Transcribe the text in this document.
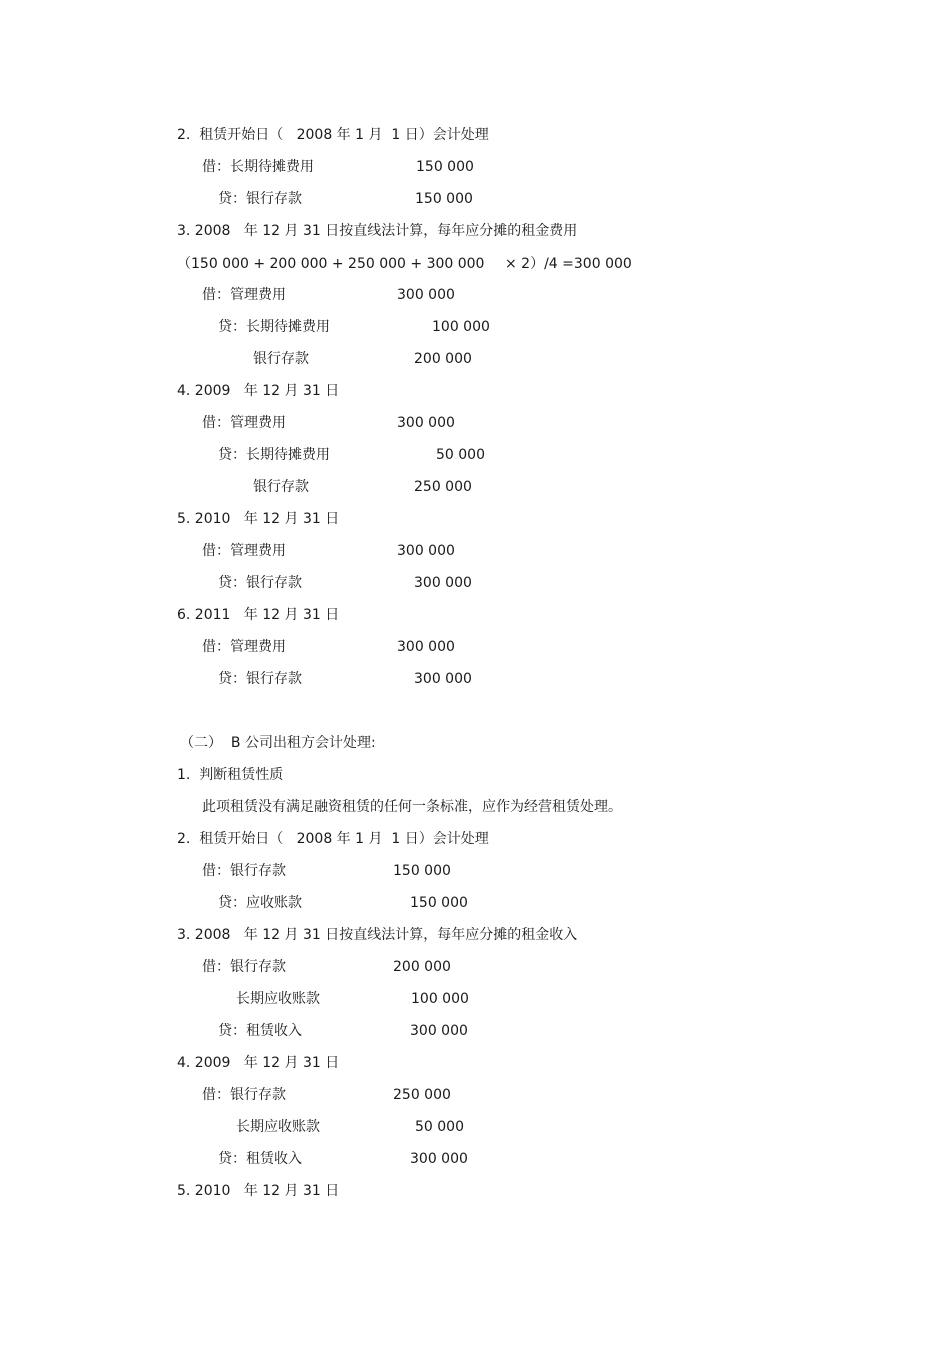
2.  租赁开始日（   2008 年 1 月  1 日）会计处理
借：长期待摊费用	150 000
贷：银行存款	150 000
3. 2008   年 12 月 31 日按直线法计算，每年应分摊的租金费用
（150 000 + 200 000 + 250 000 + 300 000 × 2）/4 =300 000
借：管理费用	300 000
贷：长期待摊费用	100 000
银行存款	200 000
4. 2009   年 12 月 31 日
借：管理费用	300 000
贷：长期待摊费用	50 000
银行存款	250 000
5. 2010   年 12 月 31 日
借：管理费用	300 000
贷：银行存款	300 000
6. 2011   年 12 月 31 日
借：管理费用	300 000
贷：银行存款	300 000
（二）  B 公司出租方会计处理:
1.  判断租赁性质
此项租赁没有满足融资租赁的任何一条标准，应作为经营租赁处理。
2.  租赁开始日（   2008 年 1 月  1 日）会计处理
借：银行存款	150 000
贷：应收账款	150 000
3. 2008   年 12 月 31 日按直线法计算，每年应分摊的租金收入
借：银行存款	200 000
长期应收账款	100 000
贷：租赁收入	300 000
4. 2009   年 12 月 31 日
借：银行存款	250 000
长期应收账款	50 000
贷：租赁收入	300 000
5. 2010   年 12 月 31 日
